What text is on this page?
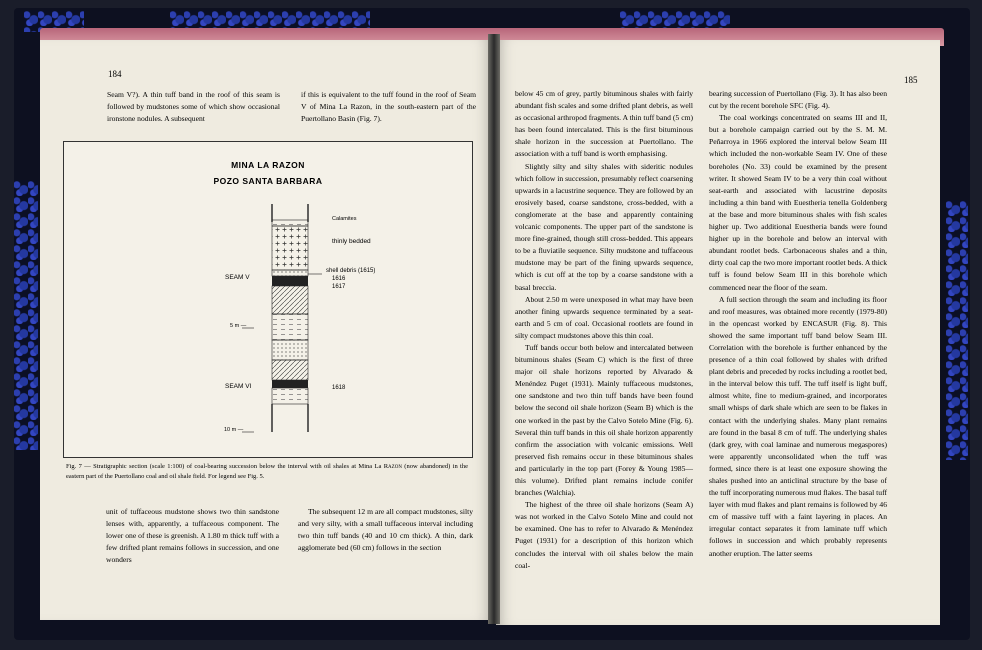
184
185

Seam V?). A thin tuff band in the roof of this seam is followed by mudstones some of which show occasional ironstone nodules. A subsequent

if this is equivalent to the tuff found in the roof of Seam V of Mina La Razon, in the south-eastern part of the Puertollano Basin (Fig. 7).

MINA LA RAZON
POZO SANTA BARBARA
Calamites
thinly bedded
SEAM V
shell debris (1615)
1616
1617
5 m —
SEAM VI	1618
10 m —
Fig. 7 — Stratigraphic section (scale 1:100) of coal-bearing succession below the interval with oil shales at Mina La Razon (now abandoned) in the eastern part of the Puertollano coal and oil shale field. For legend see Fig. 5.

unit of tuffaceous mudstone shows two thin sandstone lenses with, apparently, a tuffaceous component. The lower one of these is greenish. A 1.80 m thick tuff with a few drifted plant remains follows in succession, and one wonders

The subsequent 12 m are all compact mudstones, silty and very silty, with a small tuffaceous interval including two thin tuff bands (40 and 10 cm thick). A thin, dark agglomerate bed (60 cm) follows in the section

below 45 cm of grey, partly bituminous shales with fairly abundant fish scales and some drifted plant debris, as well as occasional arthropod fragments. A thin tuff band (5 cm) has been found intercalated. This is the first bituminous shale horizon in the succession at Puertollano. The association with a tuff band is worth emphasising.

Slightly silty and silty shales with sideritic nodules which follow in succession, presumably reflect coarsening upwards in a lacustrine sequence. They are followed by an erosively based, coarse sandstone, cross-bedded, with a conglomerate at the base and apparently containing volcanic components. The upper part of the sandstone is more fine-grained, though still cross-bedded. This appears to be a fluviatile sequence. Silty mudstone and tuffaceous mudstone may be part of the fining upwards sequence, which is cut off at the top by a coarse sandstone with a basal breccia.

About 2.50 m were unexposed in what may have been another fining upwards sequence terminated by a seat-earth and 5 cm of coal. Occasional rootlets are found in silty compact mudstones above this thin coal.

Tuff bands occur both below and intercalated between bituminous shales (Seam C) which is the first of three major oil shale horizons reported by Alvarado & Menéndez Puget (1931). Mainly tuffaceous mudstones, one sandstone and two thin tuff bands have been found below the second oil shale horizon (Seam B) which is the one worked in the past by the Calvo Sotelo Mine (Fig. 6). Several thin tuff bands in this oil shale horizon apparently confirm the association with volcanic emissions. Well preserved fish remains occur in these bituminous shales and particularly in the top part (Forey & Young 1985—this volume). Drifted plant remains include conifer branches (Walchia).

The highest of the three oil shale horizons (Seam A) was not worked in the Calvo Sotelo Mine and could not be examined. One has to refer to Alvarado & Menéndez Puget (1931) for a description of this horizon which concludes the interval with oil shales below the main coal-

bearing succession of Puertollano (Fig. 3). It has also been cut by the recent borehole SFC (Fig. 4).

The coal workings concentrated on seams III and II, but a borehole campaign carried out by the S. M. M. Peñarroya in 1966 explored the interval below Seam III which included the non-workable Seam IV. One of these boreholes (No. 33) could be examined by the present writer. It showed Seam IV to be a very thin coal without seat-earth and associated with lacustrine deposits including a thin band with Euestheria tenella Goldenberg at the base and more bituminous shales with fish scales higher up. Two additional Euestheria bands were found higher up in the borehole and below an interval with abundant rootlet beds. Carbonaceous shales and a thin, dirty coal cap the two more important rootlet beds. A thick tuff is found below Seam III in this borehole which commenced near the floor of the seam.

A full section through the seam and including its floor and roof measures, was obtained more recently (1979-80) in the opencast worked by ENCASUR (Fig. 8). This showed the same important tuff band below Seam III. Correlation with the borehole is further enhanced by the presence of a thin coal followed by shales with drifted plant debris and preceded by rocks including a rootlet bed, in the interval below this tuff. The tuff itself is light buff, almost white, fine to medium-grained, and incorporates small whisps of dark shale which are seen to be flakes in contact with the underlying shales. Many plant remains are found in the basal 8 cm of tuff. The underlying shales (dark grey, with coal laminae and numerous megaspores) were apparently unconsolidated when the tuff was formed, since there is at least one exposure showing the shales pushed into an anticlinal structure by the base of the tuff incorporating numerous mud flakes. The basal tuff layer with mud flakes and plant remains is followed by 46 cm of massive tuff with a faint layering in places. An irregular contact separates it from laminate tuff which follows in succession and which probably represents another eruption. The latter seems
